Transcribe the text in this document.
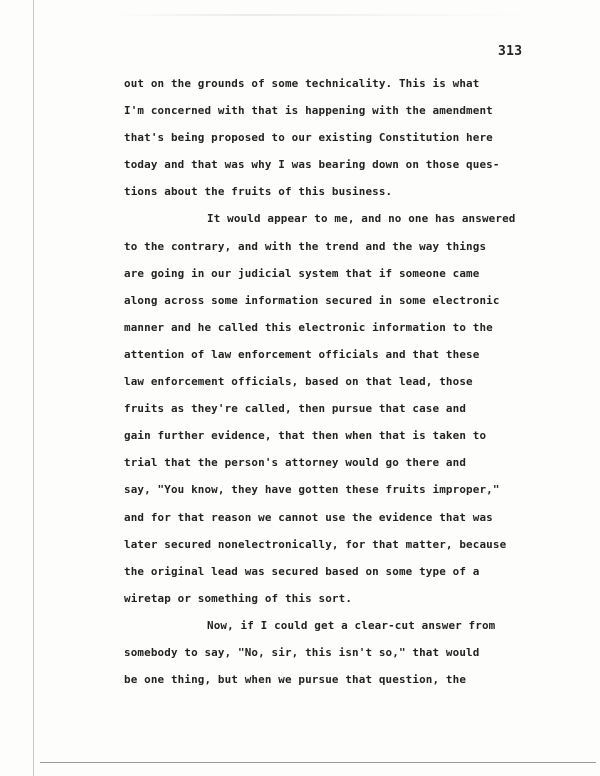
313
out on the grounds of some technicality. This is what
I'm concerned with that is happening with the amendment
that's being proposed to our existing Constitution here
today and that was why I was bearing down on those ques-
tions about the fruits of this business.
It would appear to me, and no one has answered
to the contrary, and with the trend and the way things
are going in our judicial system that if someone came
along across some information secured in some electronic
manner and he called this electronic information to the
attention of law enforcement officials and that these
law enforcement officials, based on that lead, those
fruits as they're called, then pursue that case and
gain further evidence, that then when that is taken to
trial that the person's attorney would go there and
say, "You know, they have gotten these fruits improper,"
and for that reason we cannot use the evidence that was
later secured nonelectronically, for that matter, because
the original lead was secured based on some type of a
wiretap or something of this sort.
Now, if I could get a clear-cut answer from
somebody to say, "No, sir, this isn't so," that would
be one thing, but when we pursue that question, the
